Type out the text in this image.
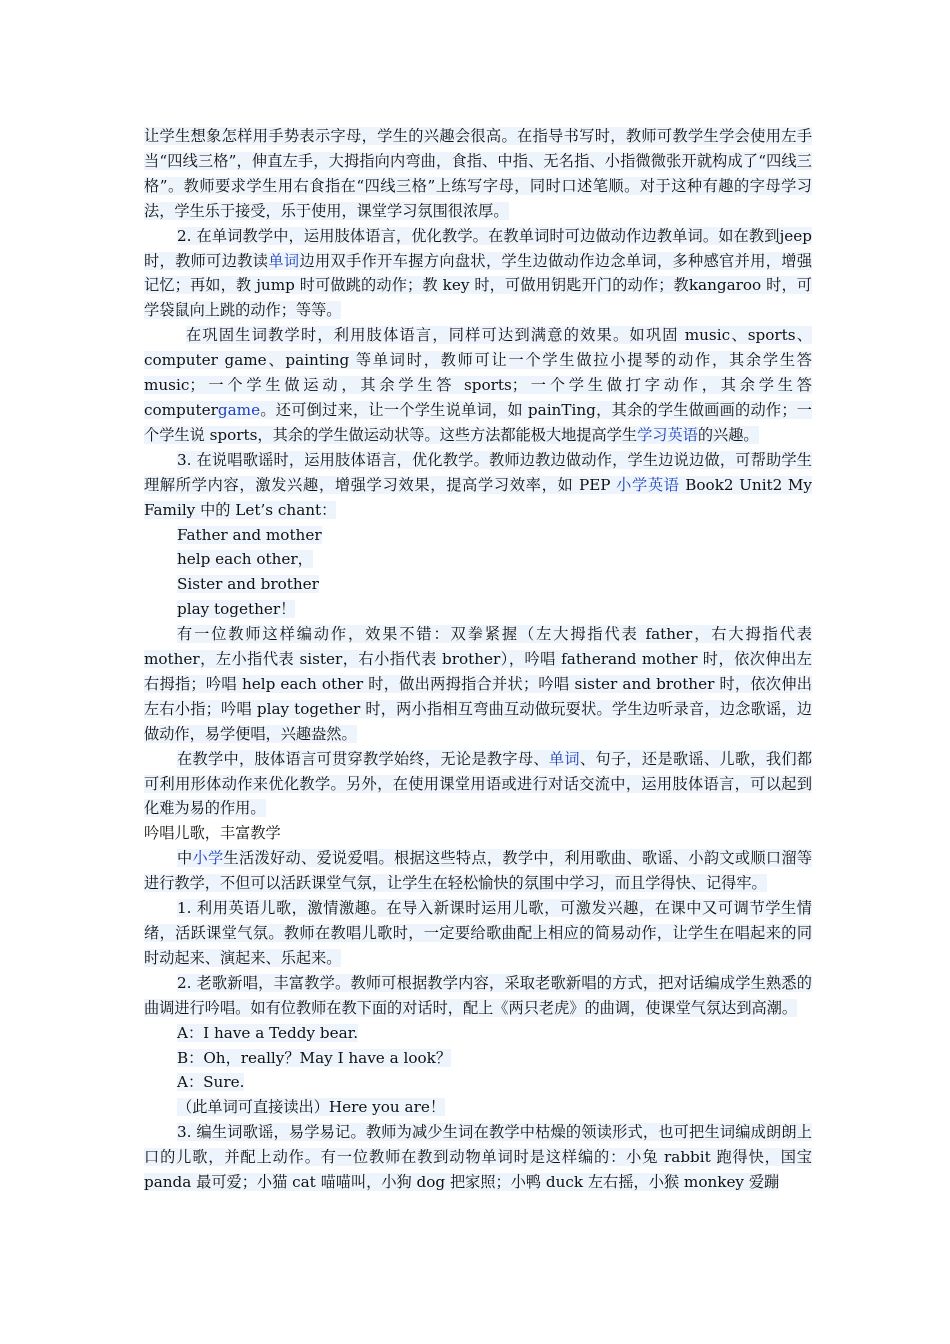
让学生想象怎样用手势表示字母，学生的兴趣会很高。在指导书写时，教师可教学生学会使用左手当“四线三格”，伸直左手，大拇指向内弯曲，食指、中指、无名指、小指微微张开就构成了“四线三格”。教师要求学生用右食指在“四线三格”上练写字母，同时口述笔顺。对于这种有趣的字母学习法，学生乐于接受，乐于使用，课堂学习氛围很浓厚。

2. 在单词教学中，运用肢体语言，优化教学。在教单词时可边做动作边教单词。如在教到jeep 时，教师可边教读单词边用双手作开车握方向盘状，学生边做动作边念单词，多种感官并用，增强记忆；再如，教 jump 时可做跳的动作；教 key 时，可做用钥匙开门的动作；教kangaroo 时，可学袋鼠向上跳的动作；等等。

在巩固生词教学时，利用肢体语言，同样可达到满意的效果。如巩固 music、sports、computer game、painting 等单词时，教师可让一个学生做拉小提琴的动作，其余学生答 music；一个学生做运动，其余学生答 sports；一个学生做打字动作，其余学生答 computergame。还可倒过来，让一个学生说单词，如 painTing，其余的学生做画画的动作；一个学生说 sports，其余的学生做运动状等。这些方法都能极大地提高学生学习英语的兴趣。

3. 在说唱歌谣时，运用肢体语言，优化教学。教师边教边做动作，学生边说边做，可帮助学生理解所学内容，激发兴趣，增强学习效果，提高学习效率，如 PEP 小学英语 Book2 Unit2 My Family 中的 Let’s chant：

Father and mother

help each other，

Sister and brother

play together！

有一位教师这样编动作，效果不错：双拳紧握（左大拇指代表 father，右大拇指代表mother，左小指代表 sister，右小指代表 brother），吟唱 fatherand mother 时，依次伸出左右拇指；吟唱 help each other 时，做出两拇指合并状；吟唱 sister and brother 时，依次伸出左右小指；吟唱 play together 时，两小指相互弯曲互动做玩耍状。学生边听录音，边念歌谣，边做动作，易学便唱，兴趣盎然。

在教学中，肢体语言可贯穿教学始终，无论是教字母、单词、句子，还是歌谣、儿歌，我们都可利用形体动作来优化教学。另外，在使用课堂用语或进行对话交流中，运用肢体语言，可以起到化难为易的作用。

吟唱儿歌，丰富教学

中小学生活泼好动、爱说爱唱。根据这些特点，教学中，利用歌曲、歌谣、小韵文或顺口溜等进行教学，不但可以活跃课堂气氛，让学生在轻松愉快的氛围中学习，而且学得快、记得牢。

1. 利用英语儿歌，激情激趣。在导入新课时运用儿歌，可激发兴趣，在课中又可调节学生情绪，活跃课堂气氛。教师在教唱儿歌时，一定要给歌曲配上相应的简易动作，让学生在唱起来的同时动起来、演起来、乐起来。

2. 老歌新唱，丰富教学。教师可根据教学内容，采取老歌新唱的方式，把对话编成学生熟悉的曲调进行吟唱。如有位教师在教下面的对话时，配上《两只老虎》的曲调，使课堂气氛达到高潮。

A：I have a Teddy bear.

B：Oh，really？May I have a look？

A：Sure.

（此单词可直接读出）Here you are！

3. 编生词歌谣，易学易记。教师为减少生词在教学中枯燥的领读形式，也可把生词编成朗朗上口的儿歌，并配上动作。有一位教师在教到动物单词时是这样编的：小兔 rabbit 跑得快，国宝 panda 最可爱；小猫 cat 喵喵叫，小狗 dog 把家照；小鸭 duck 左右摇，小猴 monkey 爱蹦
